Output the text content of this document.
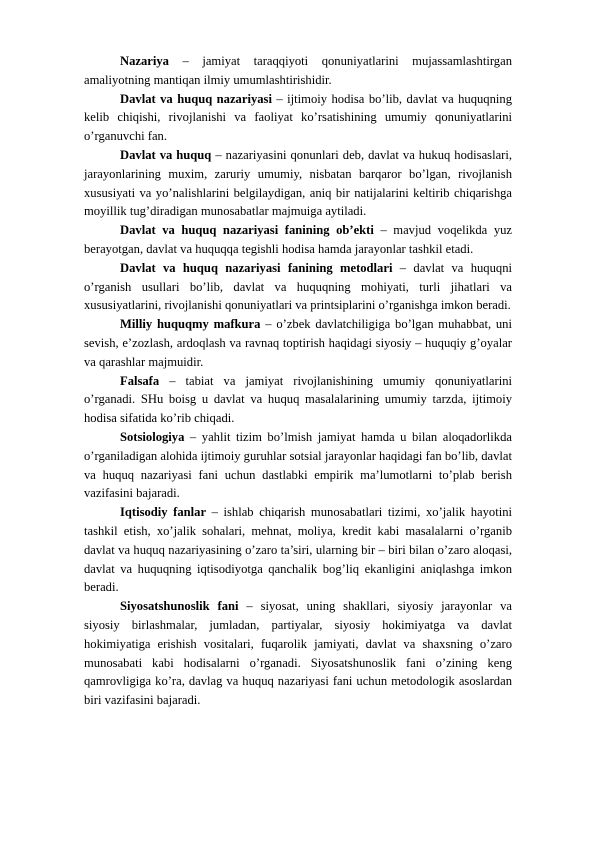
Nazariya – jamiyat taraqqiyoti qonuniyatlarini mujassamlashtirgan amaliyotning mantiqan ilmiy umumlashtirishidir.

Davlat va huquq nazariyasi – ijtimoiy hodisa bo’lib, davlat va huquqning kelib chiqishi, rivojlanishi va faoliyat ko’rsatishining umumiy qonuniyatlarini o’rganuvchi fan.

Davlat va huquq – nazariyasini qonunlari deb, davlat va hukuq hodisaslari, jarayonlarining muxim, zaruriy umumiy, nisbatan barqaror bo’lgan, rivojlanish xususiyati va yo’nalishlarini belgilaydigan, aniq bir natijalarini keltirib chiqarishga moyillik tug’diradigan munosabatlar majmuiga aytiladi.

Davlat va huquq nazariyasi fanining ob’ekti – mavjud voqelikda yuz berayotgan, davlat va huquqqa tegishli hodisa hamda jarayonlar tashkil etadi.

Davlat va huquq nazariyasi fanining metodlari – davlat va huquqni o’rganish usullari bo’lib, davlat va huquqning mohiyati, turli jihatlari va xususiyatlarini, rivojlanishi qonuniyatlari va printsiplarini o’rganishga imkon beradi.

Milliy huquqmy mafkura – o’zbek davlatchiligiga bo’lgan muhabbat, uni sevish, e’zozlash, ardoqlash va ravnaq toptirish haqidagi siyosiy – huquqiy g’oyalar va qarashlar majmuidir.

Falsafa – tabiat va jamiyat rivojlanishining umumiy qonuniyatlarini o’rganadi. SHu boisg u davlat va huquq masalalarining umumiy tarzda, ijtimoiy hodisa sifatida ko’rib chiqadi.

Sotsiologiya – yahlit tizim bo’lmish jamiyat hamda u bilan aloqadorlikda o’rganiladigan alohida ijtimoiy guruhlar sotsial jarayonlar haqidagi fan bo’lib, davlat va huquq nazariyasi fani uchun dastlabki empirik ma’lumotlarni to’plab berish vazifasini bajaradi.

Iqtisodiy fanlar – ishlab chiqarish munosabatlari tizimi, xo’jalik hayotini tashkil etish, xo’jalik sohalari, mehnat, moliya, kredit kabi masalalarni o’rganib davlat va huquq nazariyasining o’zaro ta’siri, ularning bir – biri bilan o’zaro aloqasi, davlat va huquqning iqtisodiyotga qanchalik bog’liq ekanligini aniqlashga imkon beradi.

Siyosatshunoslik fani – siyosat, uning shakllari, siyosiy jarayonlar va siyosiy birlashmalar, jumladan, partiyalar, siyosiy hokimiyatga va davlat hokimiyatiga erishish vositalari, fuqarolik jamiyati, davlat va shaxsning o’zaro munosabati kabi hodisalarni o’rganadi. Siyosatshunoslik fani o’zining keng qamrovligiga ko’ra, davlag va huquq nazariyasi fani uchun metodologik asoslardan biri vazifasini bajaradi.
